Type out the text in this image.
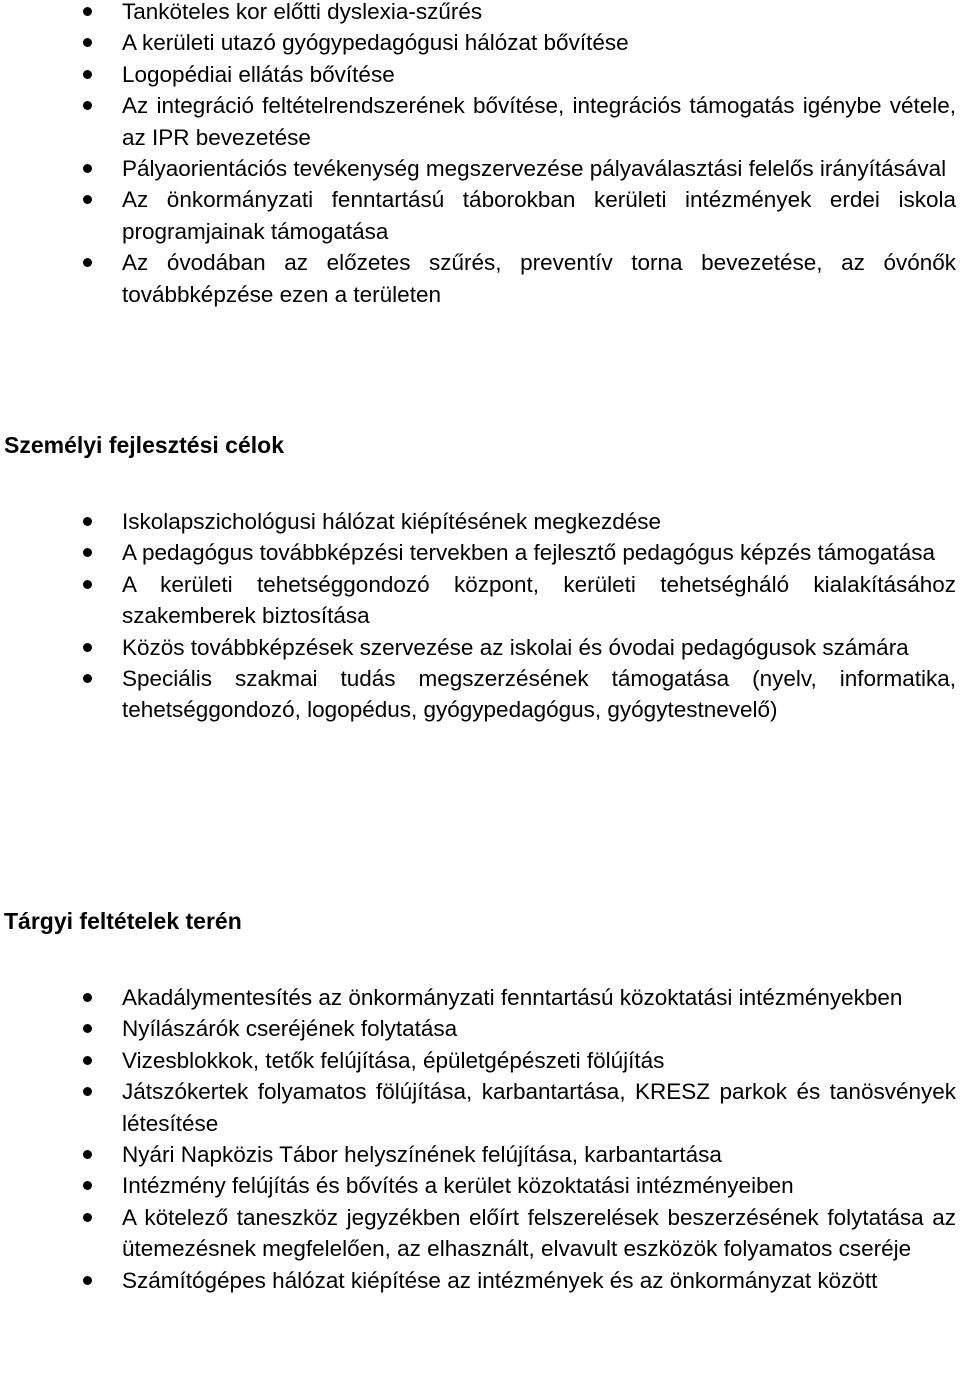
Tanköteles kor előtti dyslexia-szűrés
A kerületi utazó gyógypedagógusi hálózat bővítése
Logopédiai ellátás bővítése
Az integráció feltételrendszerének bővítése, integrációs támogatás igénybe vétele, az IPR bevezetése
Pályaorientációs tevékenység megszervezése pályaválasztási felelős irányításával
Az önkormányzati fenntartású táborokban kerületi intézmények erdei iskola programjainak támogatása
Az óvodában az előzetes szűrés, preventív torna bevezetése, az óvónők továbbképzése ezen a területen
Személyi fejlesztési célok
Iskolapszichológusi hálózat kiépítésének megkezdése
A pedagógus továbbképzési tervekben a fejlesztő pedagógus képzés támogatása
A kerületi tehetséggondozó központ, kerületi tehetségháló kialakításához szakemberek biztosítása
Közös továbbképzések szervezése az iskolai és óvodai pedagógusok számára
Speciális szakmai tudás megszerzésének támogatása (nyelv, informatika, tehetséggondozó, logopédus, gyógypedagógus, gyógytestnevelő)
Tárgyi feltételek terén
Akadálymentesítés az önkormányzati fenntartású közoktatási intézményekben
Nyílászárók cseréjének folytatása
Vizesblokkok, tetők felújítása, épületgépészeti fölújítás
Játszókertek folyamatos fölújítása, karbantartása, KRESZ parkok és tanösvények létesítése
Nyári Napközis Tábor helyszínének felújítása, karbantartása
Intézmény felújítás és bővítés a kerület közoktatási intézményeiben
A kötelező taneszköz jegyzékben előírt felszerelések beszerzésének folytatása az ütemezésnek megfelelően, az elhasznált, elvavult eszközök folyamatos cseréje
Számítógépes hálózat kiépítése az intézmények és az önkormányzat között
